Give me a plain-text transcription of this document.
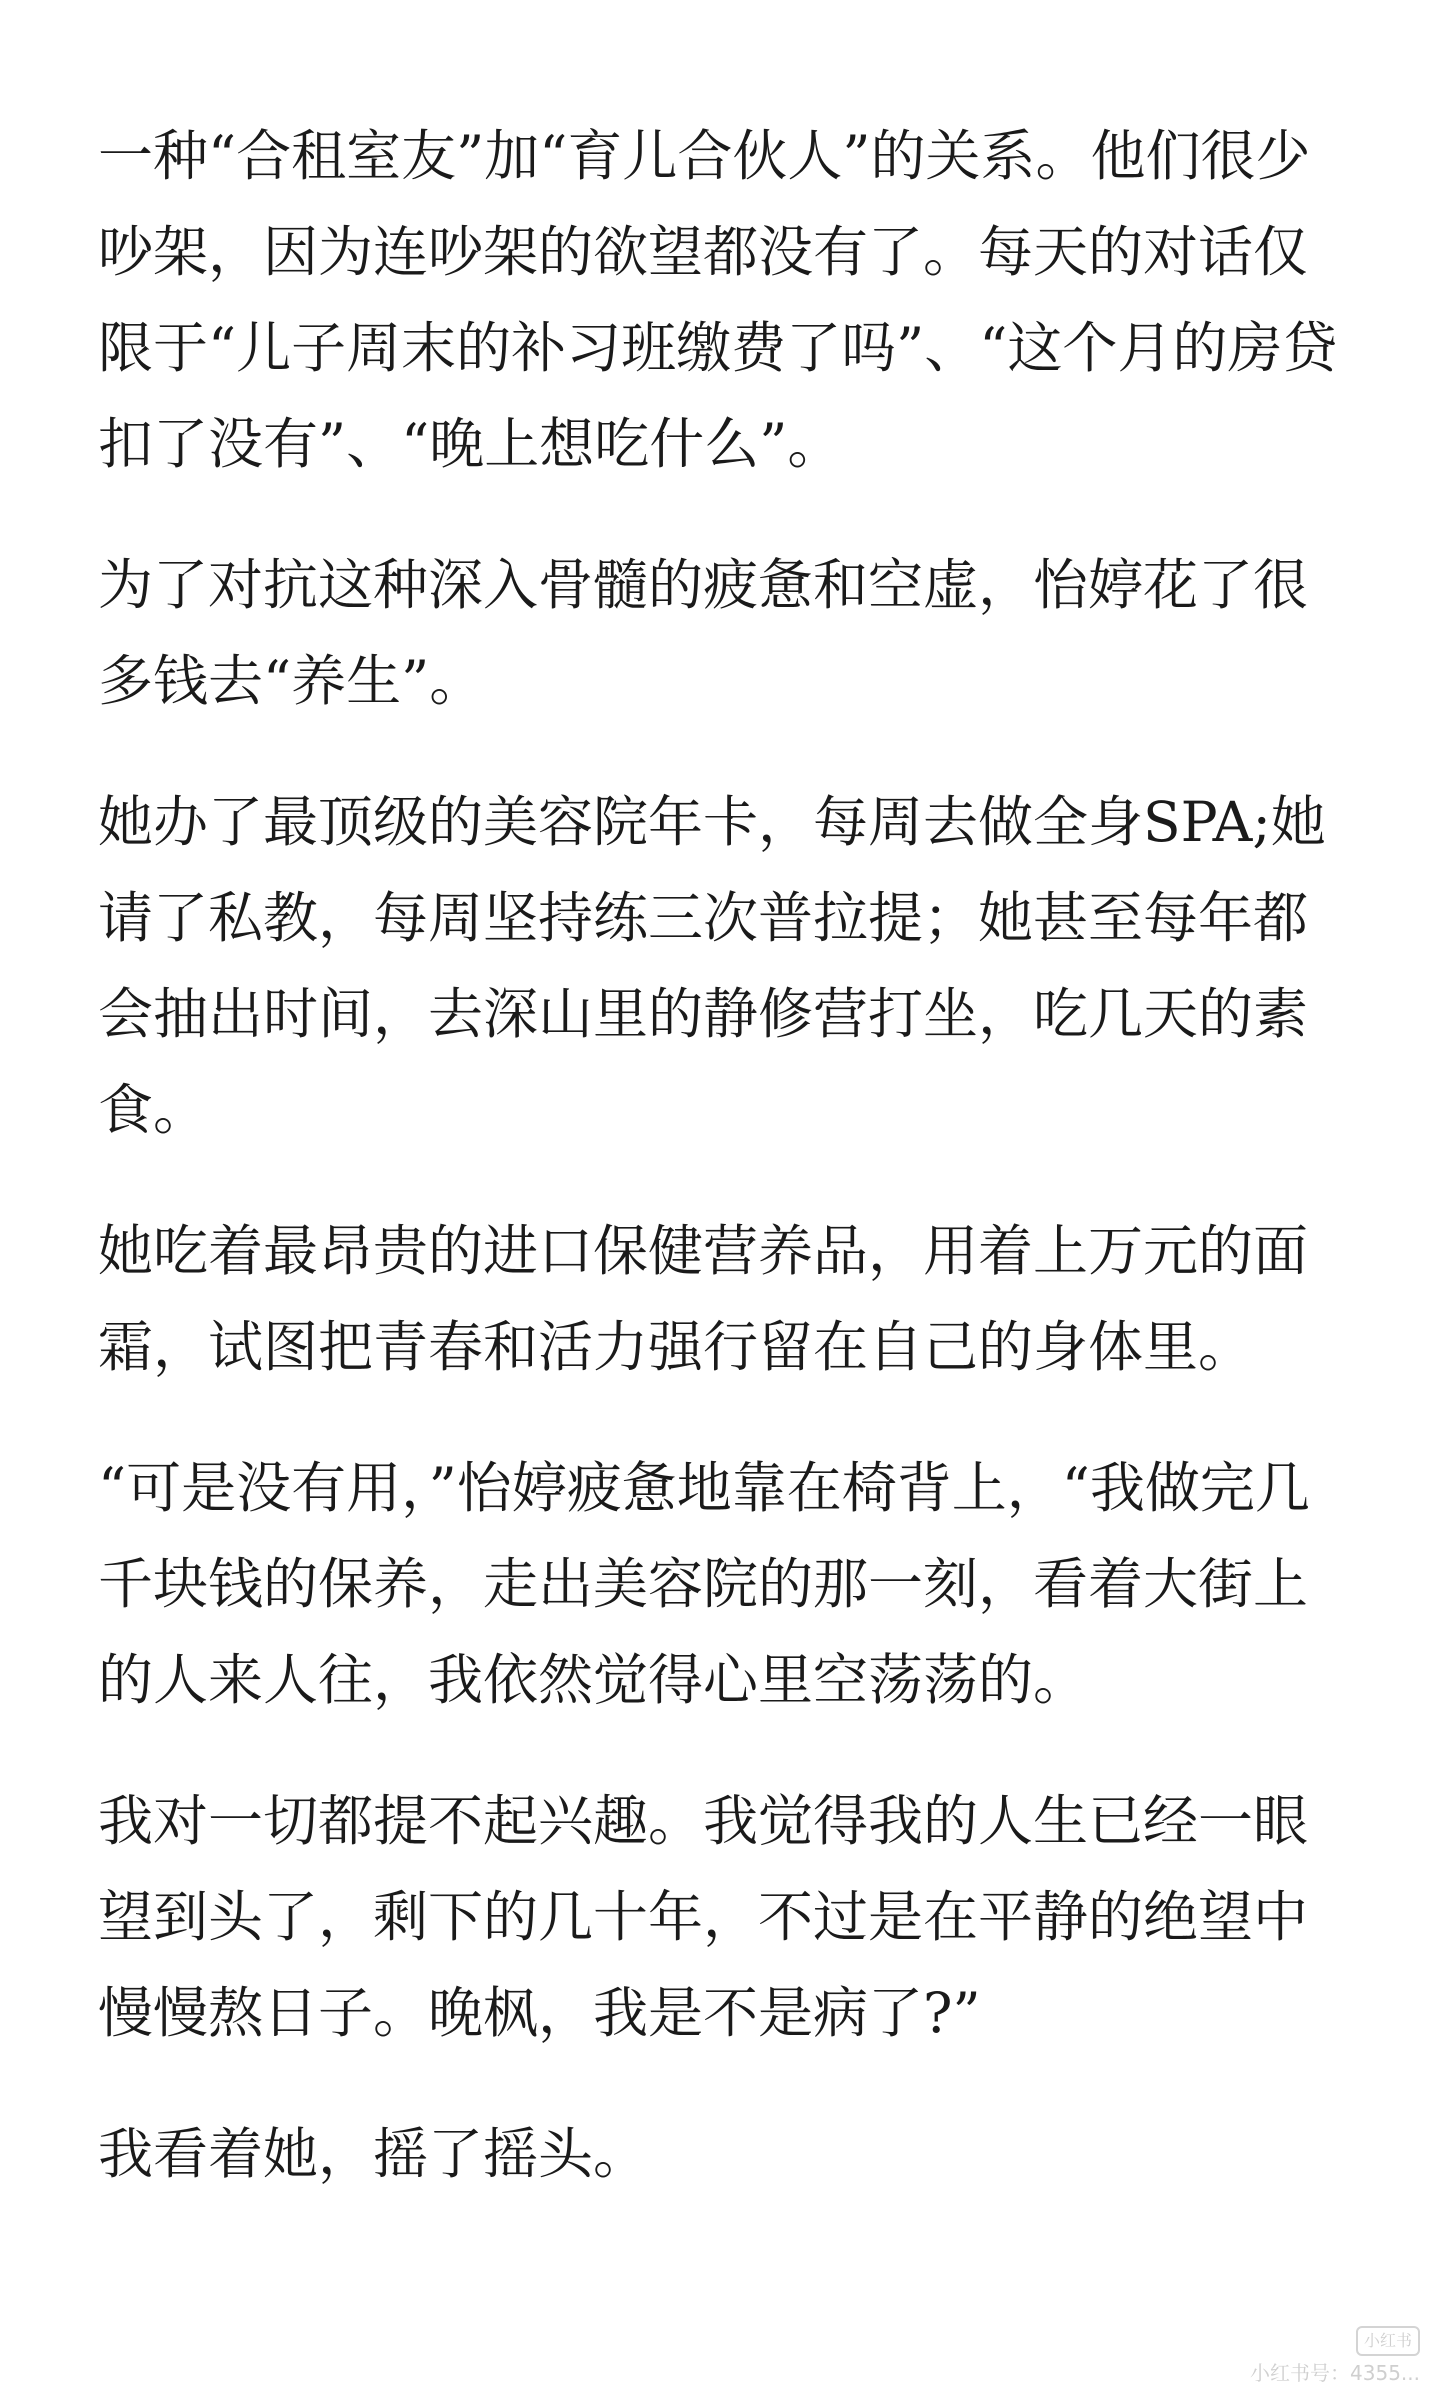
一种“合租室友”加“育儿合伙人”的关系。他们很少吵架，因为连吵架的欲望都没有了。每天的对话仅限于“儿子周末的补习班缴费了吗”、“这个月的房贷扣了没有”、“晚上想吃什么”。

为了对抗这种深入骨髓的疲惫和空虚，怡婷花了很多钱去“养生”。

她办了最顶级的美容院年卡，每周去做全身SPA;她请了私教，每周坚持练三次普拉提；她甚至每年都会抽出时间，去深山里的静修营打坐，吃几天的素食。

她吃着最昂贵的进口保健营养品，用着上万元的面霜，试图把青春和活力强行留在自己的身体里。

“可是没有用，”怡婷疲惫地靠在椅背上，“我做完几千块钱的保养，走出美容院的那一刻，看着大街上的人来人往，我依然觉得心里空荡荡的。

我对一切都提不起兴趣。我觉得我的人生已经一眼望到头了，剩下的几十年，不过是在平静的绝望中慢慢熬日子。晚枫，我是不是病了?”

我看着她，摇了摇头。

小红书
小红书号：4355...
